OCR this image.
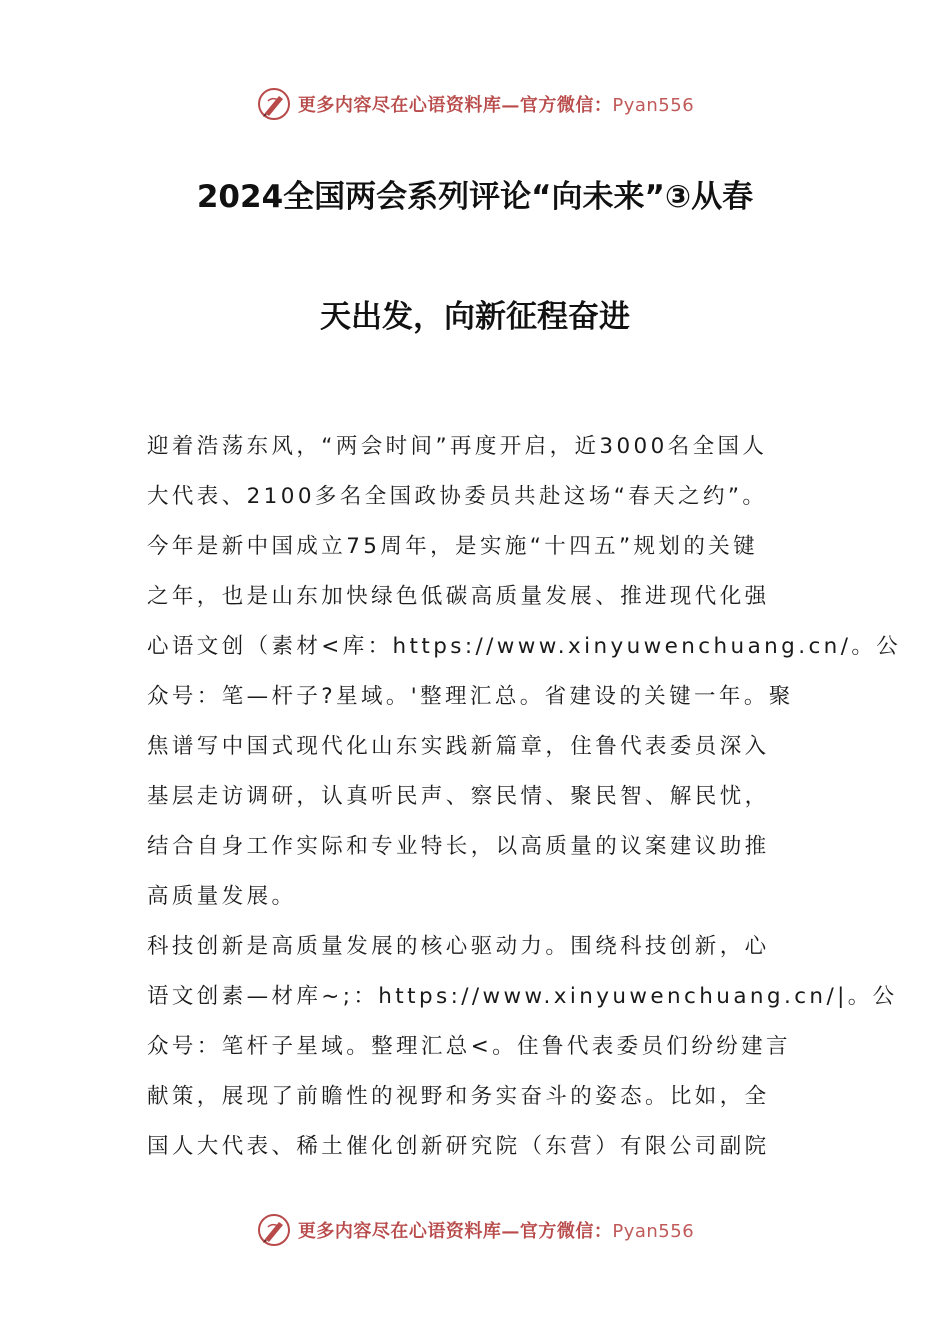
更多内容尽在心语资料库—官方微信：Pyan556
2024全国两会系列评论“向未来”③从春
天出发，向新征程奋进
迎着浩荡东风，“两会时间”再度开启，近3000名全国人
大代表、2100多名全国政协委员共赴这场“春天之约”。
今年是新中国成立75周年，是实施“十四五”规划的关键
之年，也是山东加快绿色低碳高质量发展、推进现代化强
心语文创（素材<库：https://www.xinyuwenchuang.cn/。公
众号：笔—杆子?星域。'整理汇总。省建设的关键一年。聚
焦谱写中国式现代化山东实践新篇章，住鲁代表委员深入
基层走访调研，认真听民声、察民情、聚民智、解民忧，
结合自身工作实际和专业特长，以高质量的议案建议助推
高质量发展。
科技创新是高质量发展的核心驱动力。围绕科技创新，心
语文创素—材库~;：https://www.xinyuwenchuang.cn/|。公
众号：笔杆子星域。整理汇总<。住鲁代表委员们纷纷建言
献策，展现了前瞻性的视野和务实奋斗的姿态。比如，全
国人大代表、稀土催化创新研究院（东营）有限公司副院
更多内容尽在心语资料库—官方微信：Pyan556
